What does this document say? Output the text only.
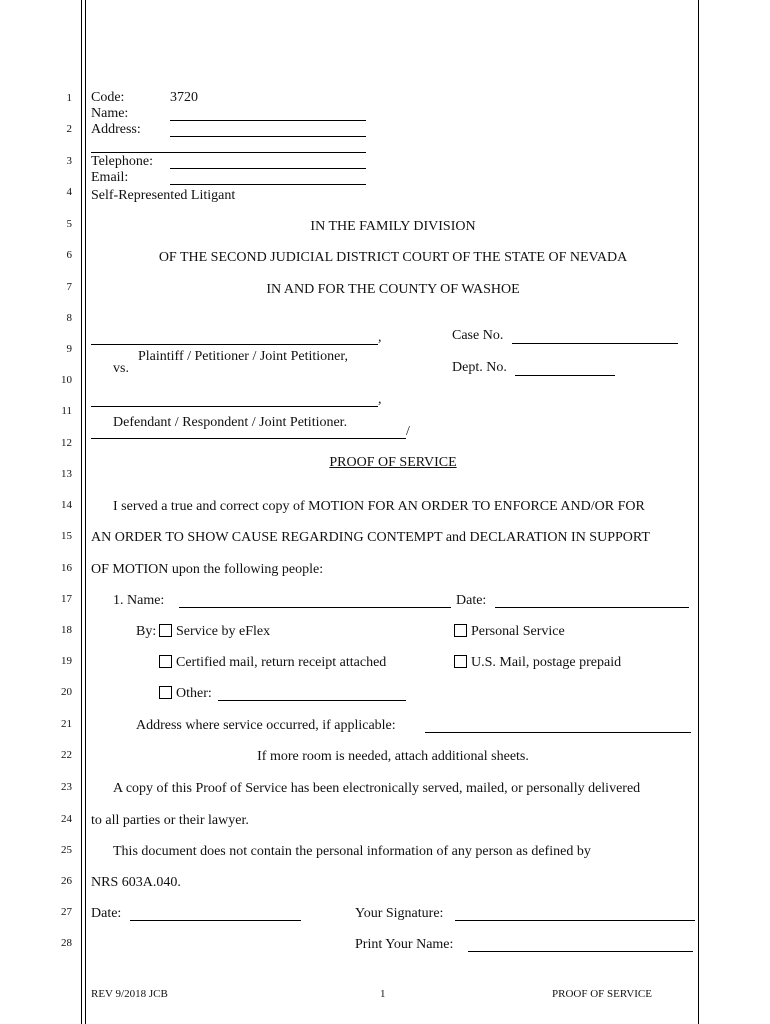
1
2
3
4
5
6
7
8
9
10
11
12
13
14
15
16
17
18
19
20
21
22
23
24
25
26
27
28
Code:	3720
Name:
Address:
Telephone:
Email:
Self-Represented Litigant
IN THE FAMILY DIVISION
OF THE SECOND JUDICIAL DISTRICT COURT OF THE STATE OF NEVADA
IN AND FOR THE COUNTY OF WASHOE
,
Plaintiff / Petitioner / Joint Petitioner,
vs.
Case No.
Dept. No.
,
Defendant / Respondent / Joint Petitioner.
/
PROOF OF SERVICE
I served a true and correct copy of MOTION FOR AN ORDER TO ENFORCE AND/OR FOR
AN ORDER TO SHOW CAUSE REGARDING CONTEMPT and DECLARATION IN SUPPORT
OF MOTION upon the following people:
1. Name:	Date:
By:	Service by eFlex	Personal Service
Certified mail, return receipt attached	U.S. Mail, postage prepaid
Other:
Address where service occurred, if applicable:
If more room is needed, attach additional sheets.
A copy of this Proof of Service has been electronically served, mailed, or personally delivered
to all parties or their lawyer.
This document does not contain the personal information of any person as defined by
NRS 603A.040.
Date:	Your Signature:
Print Your Name:
REV 9/2018 JCB	1	PROOF OF SERVICE
